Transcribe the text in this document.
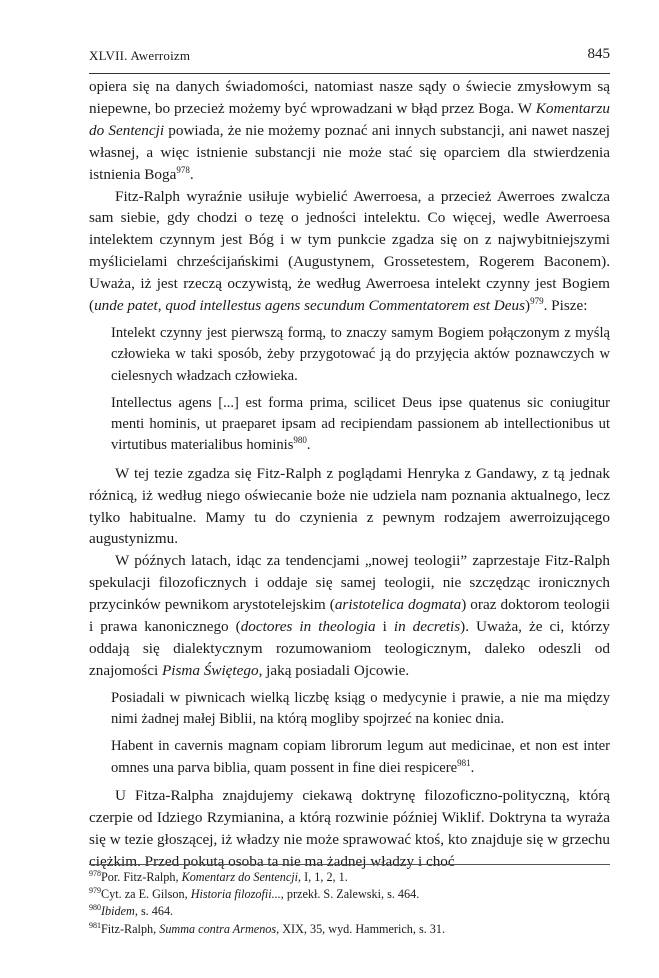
XLVII. Awerroizm	845

opiera się na danych świadomości, natomiast nasze sądy o świecie zmysłowym są niepewne, bo przecież możemy być wprowadzani w błąd przez Boga. W Komentarzu do Sentencji powiada, że nie możemy poznać ani innych substancji, ani nawet naszej własnej, a więc istnienie substancji nie może stać się oparciem dla stwierdzenia istnienia Boga$^{978}$.

Fitz-Ralph wyraźnie usiłuje wybielić Awerroesa, a przecież Awerroes zwalcza sam siebie, gdy chodzi o tezę o jedności intelektu. Co więcej, wedle Awerroesa intelektem czynnym jest Bóg i w tym punkcie zgadza się on z najwybitniejszymi myślicielami chrześcijańskimi (Augustynem, Grossetestem, Rogerem Baconem). Uważa, iż jest rzeczą oczywistą, że według Awerroesa intelekt czynny jest Bogiem (unde patet, quod intellestus agens secundum Commentatorem est Deus)$^{979}$. Pisze:

Intelekt czynny jest pierwszą formą, to znaczy samym Bogiem połączonym z myślą człowieka w taki sposób, żeby przygotować ją do przyjęcia aktów poznawczych w cielesnych władzach człowieka.

Intellectus agens [...] est forma prima, scilicet Deus ipse quatenus sic coniugitur menti hominis, ut praeparet ipsam ad recipiendam passionem ab intellectionibus ut virtutibus materialibus hominis$^{980}$.

W tej tezie zgadza się Fitz-Ralph z poglądami Henryka z Gandawy, z tą jednak różnicą, iż według niego oświecanie boże nie udziela nam poznania aktualnego, lecz tylko habitualne. Mamy tu do czynienia z pewnym rodzajem awerroizującego augustynizmu.

W późnych latach, idąc za tendencjami „nowej teologii” zaprzestaje Fitz-Ralph spekulacji filozoficznych i oddaje się samej teologii, nie szczędząc ironicznych przycinków pewnikom arystotelejskim (aristotelica dogmata) oraz doktorom teologii i prawa kanonicznego (doctores in theologia i in decretis). Uważa, że ci, którzy oddają się dialektycznym rozumowaniom teologicznym, daleko odeszli od znajomości Pisma Świętego, jaką posiadali Ojcowie.

Posiadali w piwnicach wielką liczbę ksiąg o medycynie i prawie, a nie ma między nimi żadnej małej Biblii, na którą mogliby spojrzeć na koniec dnia.

Habent in cavernis magnam copiam librorum legum aut medicinae, et non est inter omnes una parva biblia, quam possent in fine diei respicere$^{981}$.

U Fitza-Ralpha znajdujemy ciekawą doktrynę filozoficzno-polityczną, którą czerpie od Idziego Rzymianina, a którą rozwinie później Wiklif. Doktryna ta wyraża się w tezie głoszącej, iż władzy nie może sprawować ktoś, kto znajduje się w grzechu ciężkim. Przed pokutą osoba ta nie ma żadnej władzy i choć

$^{978}$Por. Fitz-Ralph, Komentarz do Sentencji, I, 1, 2, 1.

$^{979}$Cyt. za E. Gilson, Historia filozofii..., przekł. S. Zalewski, s. 464.

$^{980}$Ibidem, s. 464.

$^{981}$Fitz-Ralph, Summa contra Armenos, XIX, 35, wyd. Hammerich, s. 31.
